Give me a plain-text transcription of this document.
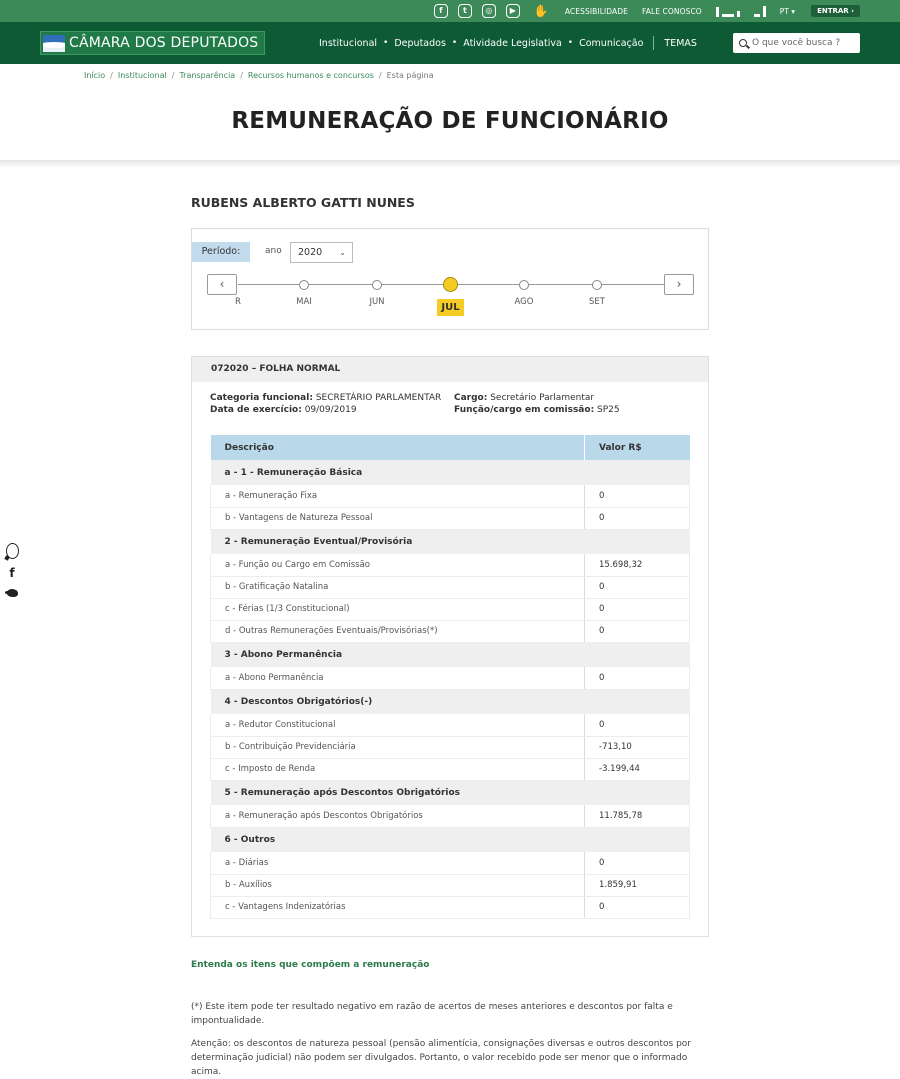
f	t	◎	▶	✋ ACESSIBILIDADE FALE CONOSCO	PT ▾	ENTRAR ›
CÂMARA DOS DEPUTADOS	Institucional • Deputados • Atividade Legislativa • Comunicação TEMAS
O que você busca ?
Início / Institucional / Transparência / Recursos humanos e concursos / Esta página
REMUNERAÇÃO DE FUNCIONÁRIO
RUBENS ALBERTO GATTI NUNES
Período:	ano	2020 ⌄
‹
R	MAI	JUN	JUL	AGO	SET
›
072020 – FOLHA NORMAL
Categoria funcional: SECRETÁRIO PARLAMENTAR
Data de exercício: 09/09/2019
Cargo: Secretário Parlamentar
Função/cargo em comissão: SP25
Descrição	Valor R$
a - 1 - Remuneração Básica	
a - Remuneração Fixa	0
b - Vantagens de Natureza Pessoal	0
2 - Remuneração Eventual/Provisória	
a - Função ou Cargo em Comissão	15.698,32
b - Gratificação Natalina	0
c - Férias (1/3 Constitucional)	0
d - Outras Remunerações Eventuais/Provisórias(*)	0
3 - Abono Permanência	
a - Abono Permanência	0
4 - Descontos Obrigatórios(-)	
a - Redutor Constitucional	0
b - Contribuição Previdenciária	-713,10
c - Imposto de Renda	-3.199,44
5 - Remuneração após Descontos Obrigatórios	
a - Remuneração após Descontos Obrigatórios	11.785,78
6 - Outros	
a - Diárias	0
b - Auxílios	1.859,91
c - Vantagens Indenizatórias	0
Entenda os itens que compõem a remuneração
(*) Este item pode ter resultado negativo em razão de acertos de meses anteriores e descontos por falta e impontualidade.
Atenção: os descontos de natureza pessoal (pensão alimentícia, consignações diversas e outros descontos por determinação judicial) não podem ser divulgados. Portanto, o valor recebido pode ser menor que o informado acima.
f
